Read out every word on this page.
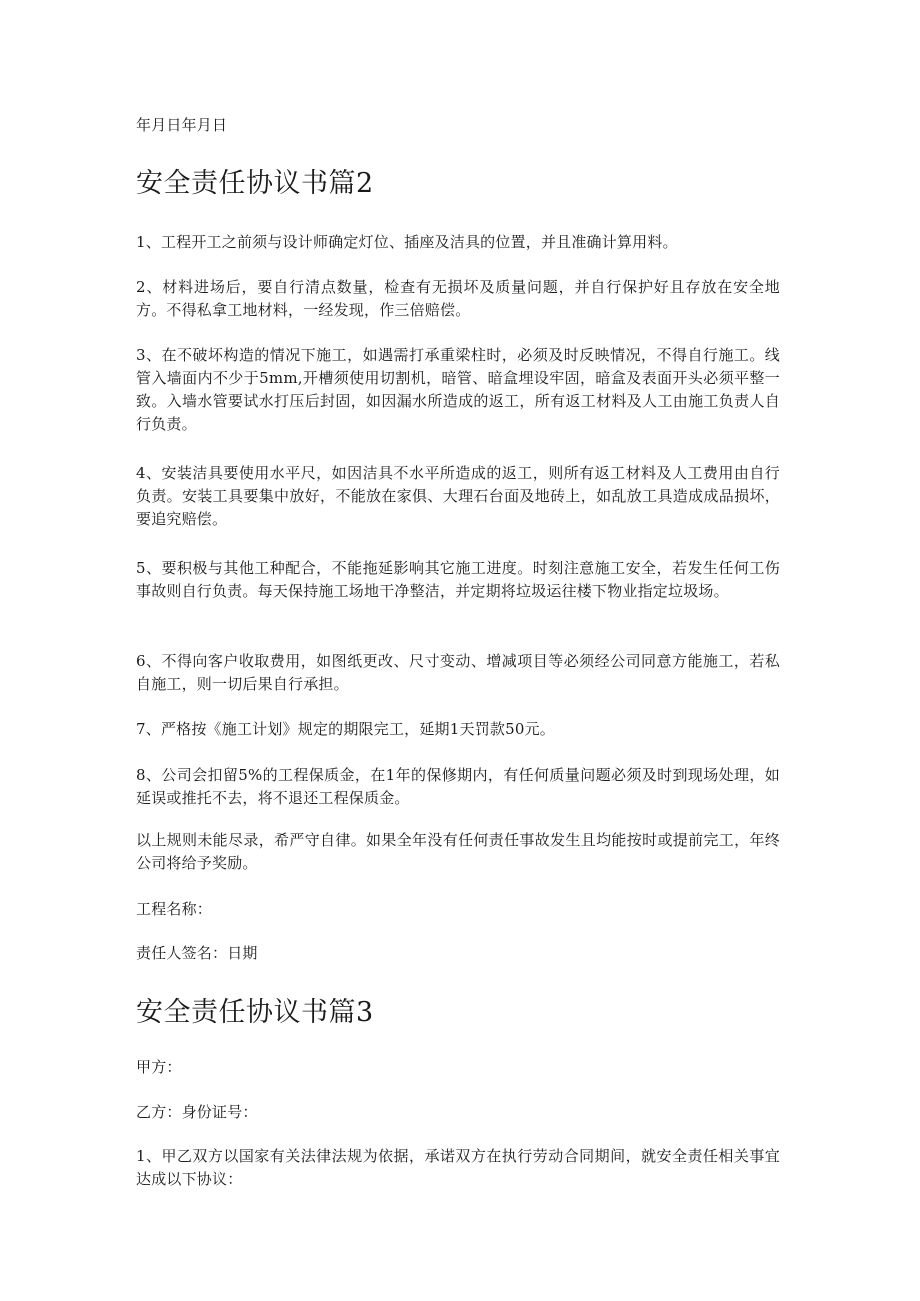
年月日年月日

安全责任协议书篇2

1、工程开工之前须与设计师确定灯位、插座及洁具的位置，并且准确计算用料。

2、材料进场后，要自行清点数量，检查有无损坏及质量问题，并自行保护好且存放在安全地方。不得私拿工地材料，一经发现，作三倍赔偿。

3、在不破坏构造的情况下施工，如遇需打承重梁柱时，必须及时反映情况，不得自行施工。线管入墙面内不少于5mm,开槽须使用切割机，暗管、暗盒埋设牢固，暗盒及表面开头必须平整一致。入墙水管要试水打压后封固，如因漏水所造成的返工，所有返工材料及人工由施工负责人自行负责。

4、安装洁具要使用水平尺，如因洁具不水平所造成的返工，则所有返工材料及人工费用由自行负责。安装工具要集中放好，不能放在家俱、大理石台面及地砖上，如乱放工具造成成品损坏，要追究赔偿。

5、要积极与其他工种配合，不能拖延影响其它施工进度。时刻注意施工安全，若发生任何工伤事故则自行负责。每天保持施工场地干净整洁，并定期将垃圾运往楼下物业指定垃圾场。

6、不得向客户收取费用，如图纸更改、尺寸变动、增减项目等必须经公司同意方能施工，若私自施工，则一切后果自行承担。

7、严格按《施工计划》规定的期限完工，延期1天罚款50元。

8、公司会扣留5%的工程保质金，在1年的保修期内，有任何质量问题必须及时到现场处理，如延误或推托不去，将不退还工程保质金。

以上规则未能尽录，希严守自律。如果全年没有任何责任事故发生且均能按时或提前完工，年终公司将给予奖励。

工程名称：

责任人签名：日期

安全责任协议书篇3

甲方：

乙方：身份证号：

1、甲乙双方以国家有关法律法规为依据，承诺双方在执行劳动合同期间，就安全责任相关事宜达成以下协议：
